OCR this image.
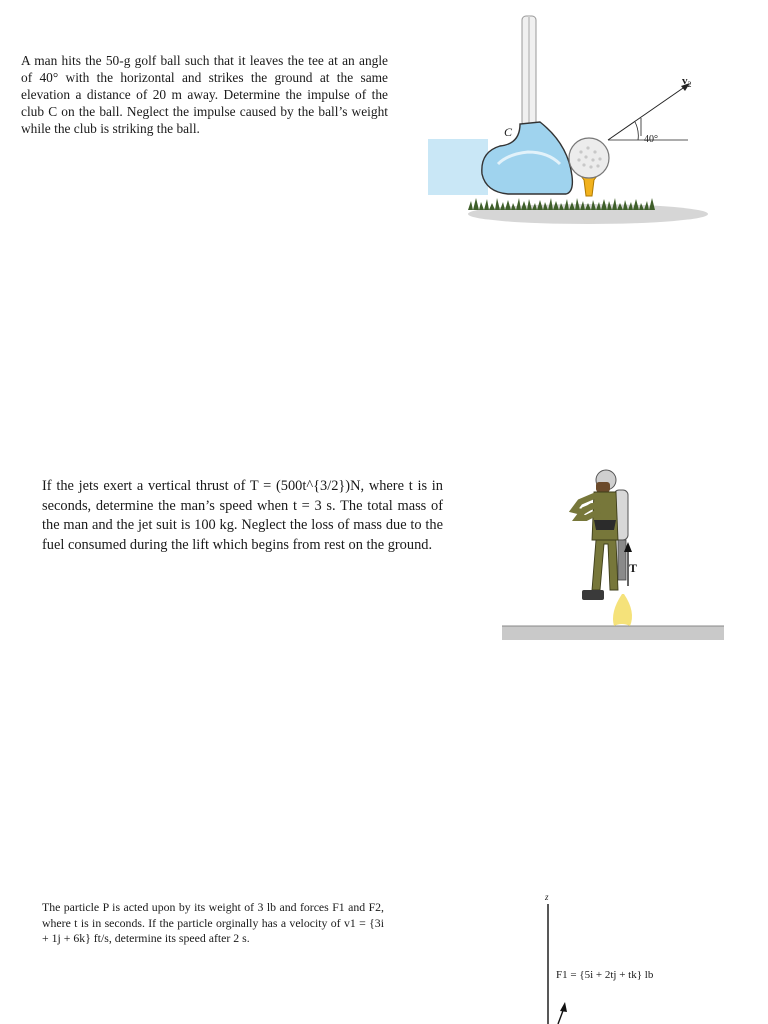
A man hits the 50-g golf ball such that it leaves the tee at an angle of 40° with the horizontal and strikes the ground at the same elevation a distance of 20 m away. Determine the impulse of the club C on the ball. Neglect the impulse caused by the ball’s weight while the club is striking the ball.	C
$v_2$
40°

If the jets exert a vertical thrust of T = (500t^{3/2})N, where t is in seconds, determine the man’s speed when t = 3 s. The total mass of the man and the jet suit is 100 kg. Neglect the loss of mass due to the fuel consumed during the lift which begins from rest on the ground.

T

The particle P is acted upon by its weight of 3 lb and forces F1 and F2, where t is in seconds. If the particle orginally has a velocity of v1 = {3i + 1j + 6k} ft/s, determine its speed after 2 s.

z
F1 = {5i + 2tj + tk} lb
